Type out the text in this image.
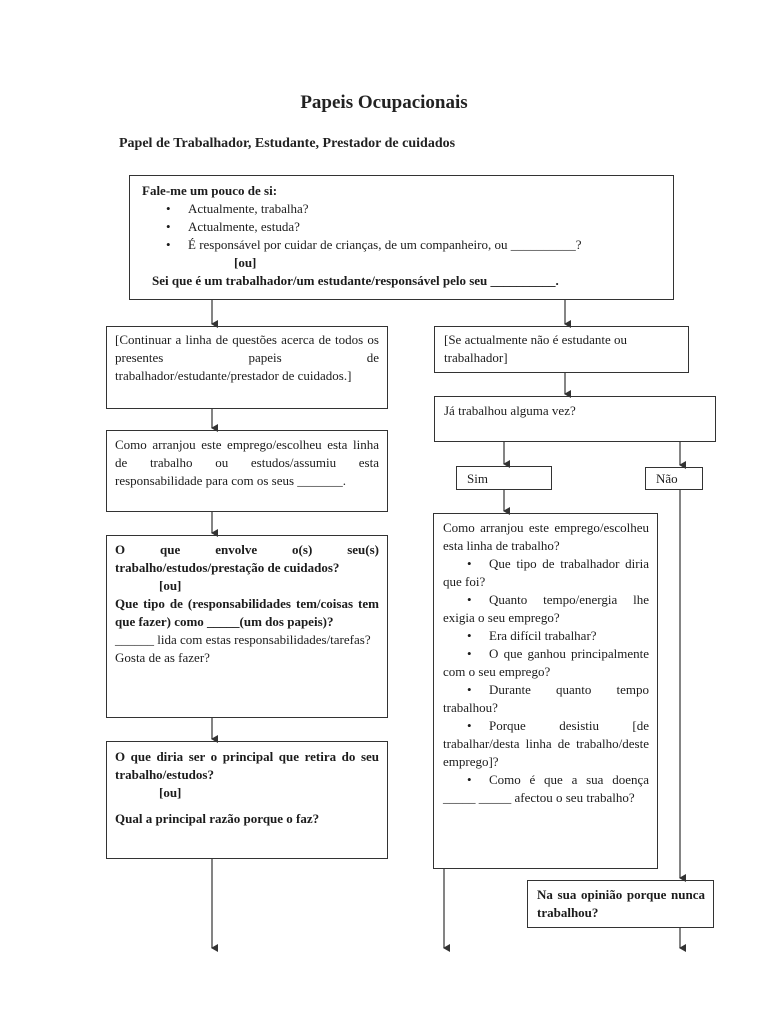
Papeis Ocupacionais
Papel de Trabalhador, Estudante, Prestador de cuidados
Fale-me um pouco de si:
• Actualmente, trabalha?
• Actualmente, estuda?
• É responsável por cuidar de crianças, de um companheiro, ou __________?
[ou]
Sei que é um trabalhador/um estudante/responsável pelo seu __________.
[Continuar a linha de questões acerca de todos os presentes papeis de trabalhador/estudante/prestador de cuidados.]
Como arranjou este emprego/escolheu esta linha de trabalho ou estudos/assumiu esta responsabilidade para com os seus _______.
O que envolve o(s) seu(s) trabalho/estudos/prestação de cuidados?
[ou]
Que tipo de (responsabilidades tem/coisas tem que fazer) como _____(um dos papeis)?
______ lida com estas responsabilidades/tarefas?
Gosta de as fazer?
O que diria ser o principal que retira do seu trabalho/estudos?
[ou]
Qual a principal razão porque o faz?
[Se actualmente não é estudante ou trabalhador]
Já trabalhou alguma vez?
Sim	Não
Como arranjou este emprego/escolheu esta linha de trabalho?
• Que tipo de trabalhador diria que foi?
• Quanto tempo/energia lhe exigia o seu emprego?
• Era difícil trabalhar?
• O que ganhou principalmente com o seu emprego?
• Durante quanto tempo trabalhou?
• Porque desistiu [de trabalhar/desta linha de trabalho/deste emprego]?
• Como é que a sua doença _____ _____ afectou o seu trabalho?
Na sua opinião porque nunca trabalhou?
